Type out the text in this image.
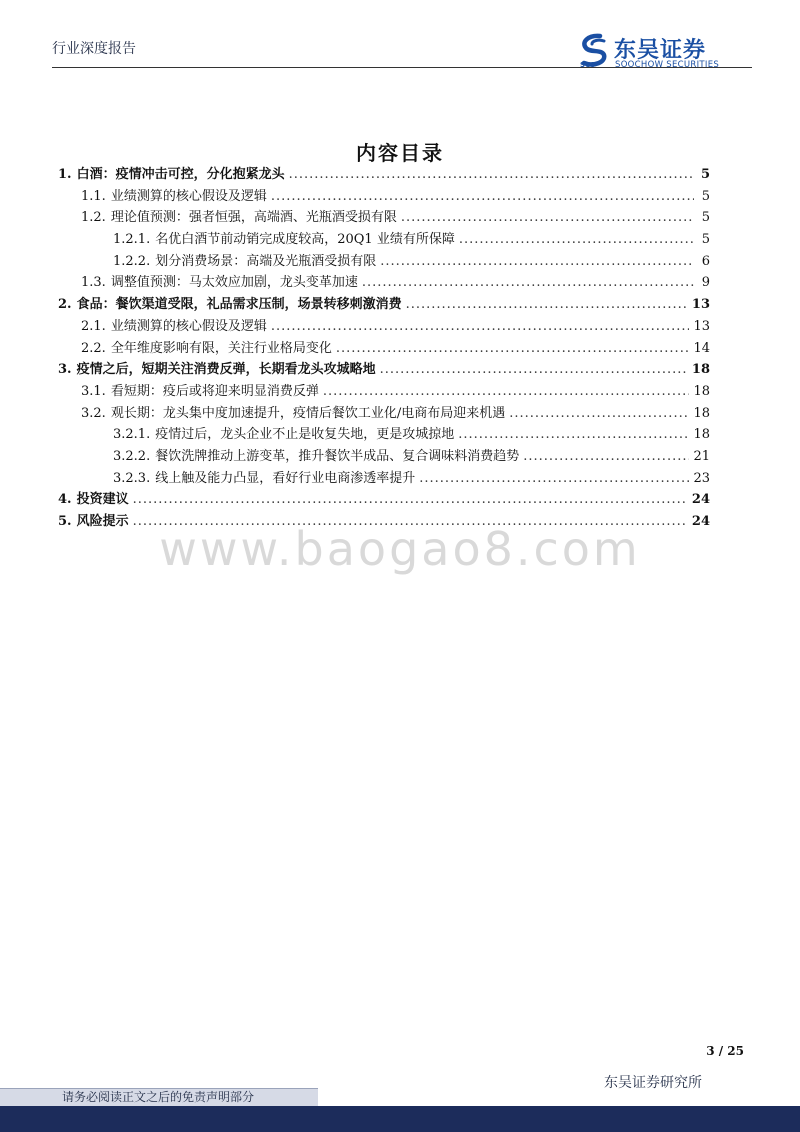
行业深度报告
SCS
东吴证券
SOOCHOW SECURITIES
内容目录
1. 白酒：疫情冲击可控，分化抱紧龙头 .....	5
1.1. 业绩测算的核心假设及逻辑 .....	5
1.2. 理论值预测：强者恒强，高端酒、光瓶酒受损有限 .....	5
1.2.1. 名优白酒节前动销完成度较高，20Q1 业绩有所保障 .....	5
1.2.2. 划分消费场景：高端及光瓶酒受损有限 .....	6
1.3. 调整值预测：马太效应加剧，龙头变革加速 .....	9
2. 食品：餐饮渠道受限，礼品需求压制，场景转移刺激消费 .....	13
2.1. 业绩测算的核心假设及逻辑 .....	13
2.2. 全年维度影响有限，关注行业格局变化 .....	14
3. 疫情之后，短期关注消费反弹，长期看龙头攻城略地 .....	18
3.1. 看短期：疫后或将迎来明显消费反弹 .....	18
3.2. 观长期：龙头集中度加速提升，疫情后餐饮工业化/电商布局迎来机遇 .....	18
3.2.1. 疫情过后，龙头企业不止是收复失地，更是攻城掠地 .....	18
3.2.2. 餐饮洗牌推动上游变革，推升餐饮半成品、复合调味料消费趋势 .....	21
3.2.3. 线上触及能力凸显，看好行业电商渗透率提升 .....	23
4. 投资建议 .....	24
5. 风险提示 .....	24
www.baogao8.com
3 / 25
东吴证券研究所
请务必阅读正文之后的免责声明部分
